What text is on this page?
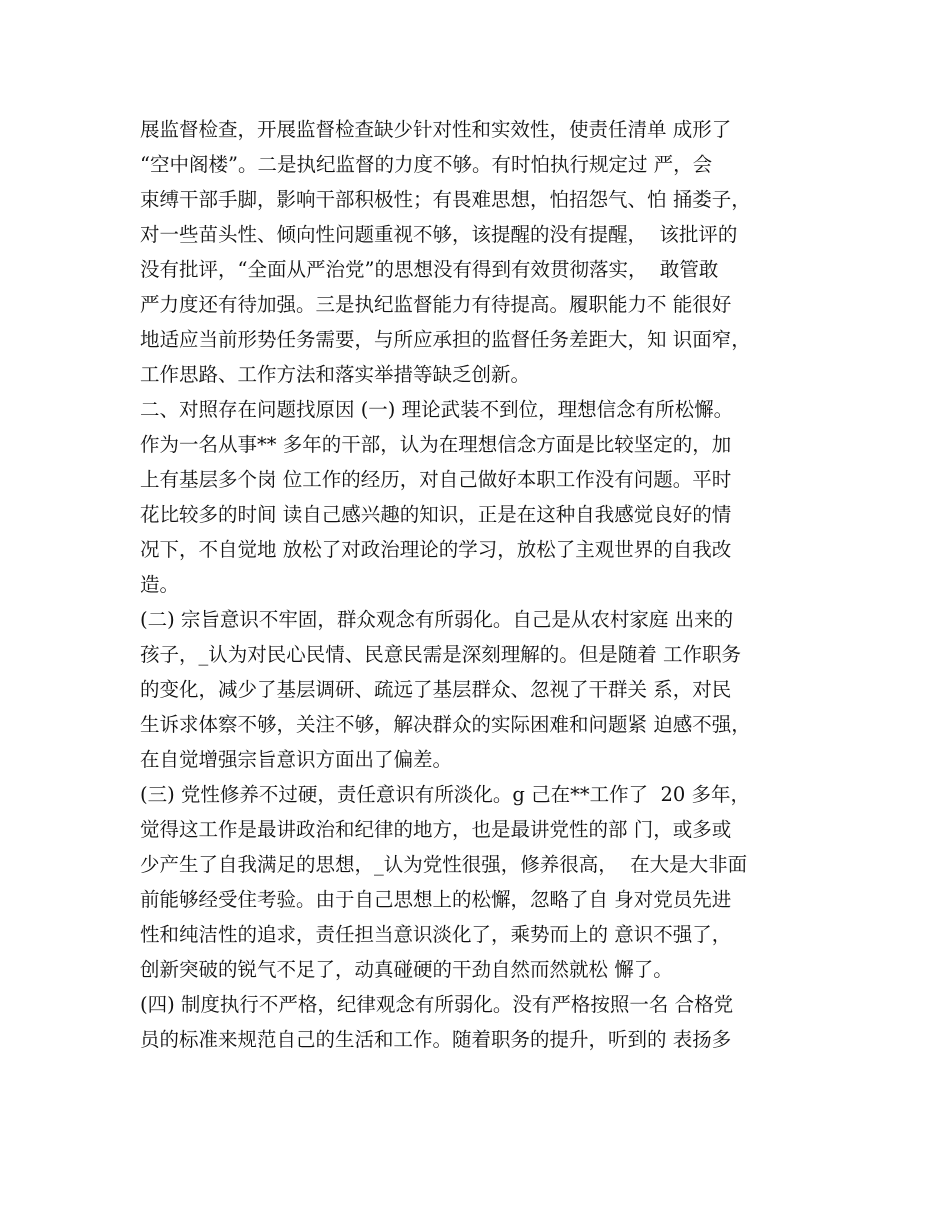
展监督检查，开展监督检查缺少针对性和实效性，使责任清单 成形了
“空中阁楼”。二是执纪监督的力度不够。有时怕执行规定过 严，会
束缚干部手脚，影响干部积极性；有畏难思想，怕招怨气、怕 捅娄子，
对一些苗头性、倾向性问题重视不够，该提醒的没有提醒，  该批评的
没有批评，“全面从严治党”的思想没有得到有效贯彻落实，  敢管敢
严力度还有待加强。三是执纪监督能力有待提高。履职能力不 能很好
地适应当前形势任务需要，与所应承担的监督任务差距大，知 识面窄，
工作思路、工作方法和落实举措等缺乏创新。
二、对照存在问题找原因 (一) 理论武装不到位，理想信念有所松懈。
作为一名从事** 多年的干部，认为在理想信念方面是比较坚定的，加
上有基层多个岗 位工作的经历，对自己做好本职工作没有问题。平时
花比较多的时间 读自己感兴趣的知识，正是在这种自我感觉良好的情
况下，不自觉地 放松了对政治理论的学习，放松了主观世界的自我改
造。
(二) 宗旨意识不牢固，群众观念有所弱化。自己是从农村家庭 出来的
孩子，_认为对民心民情、民意民需是深刻理解的。但是随着 工作职务
的变化，减少了基层调研、疏远了基层群众、忽视了干群关 系，对民
生诉求体察不够，关注不够，解决群众的实际困难和问题紧 迫感不强，
在自觉增强宗旨意识方面出了偏差。
(三) 党性修养不过硬，责任意识有所淡化。g 己在**工作了  20 多年，
觉得这工作是最讲政治和纪律的地方，也是最讲党性的部 门，或多或
少产生了自我满足的思想，_认为党性很强，修养很高，  在大是大非面
前能够经受住考验。由于自己思想上的松懈，忽略了自 身对党员先进
性和纯洁性的追求，责任担当意识淡化了，乘势而上的 意识不强了，
创新突破的锐气不足了，动真碰硬的干劲自然而然就松 懈了。
(四) 制度执行不严格，纪律观念有所弱化。没有严格按照一名 合格党
员的标准来规范自己的生活和工作。随着职务的提升，听到的 表扬多
